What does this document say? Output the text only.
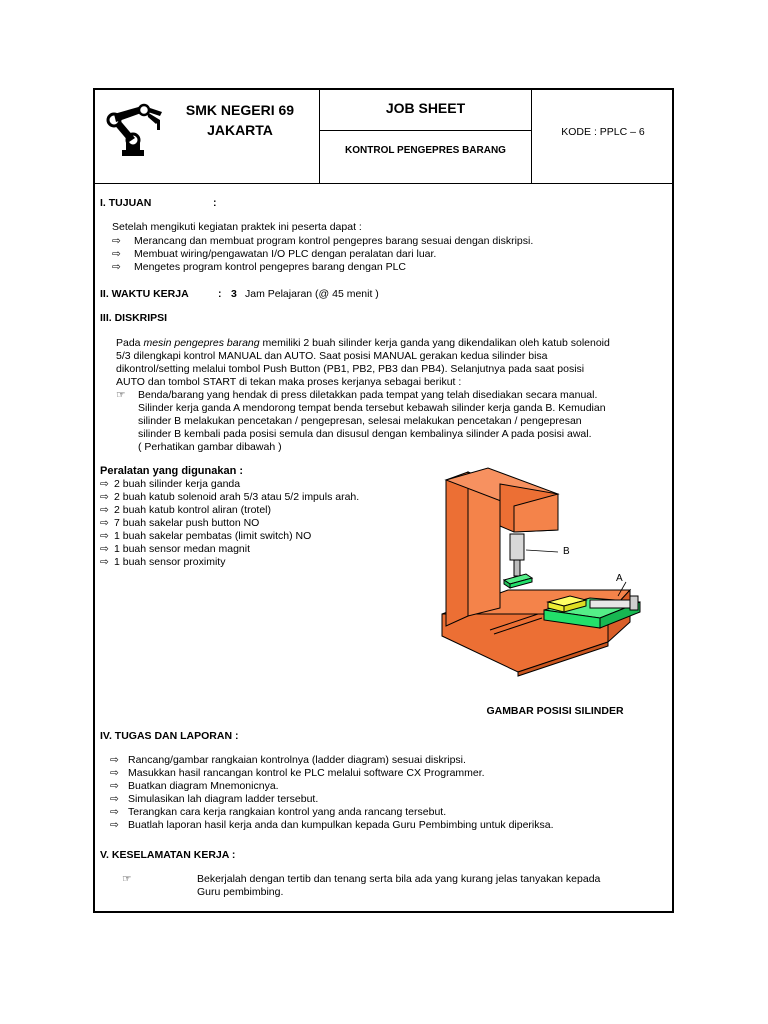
SMK NEGERI 69
JAKARTA
JOB SHEET
KONTROL PENGEPRES BARANG
KODE : PPLC – 6
I. TUJUAN	:
Setelah mengikuti kegiatan praktek ini peserta dapat :
⇨ Merancang dan membuat program kontrol pengepres barang sesuai dengan diskripsi.
⇨ Membuat wiring/pengawatan I/O PLC dengan peralatan dari luar.
⇨ Mengetes program kontrol pengepres barang dengan PLC
II. WAKTU KERJA	: 3 Jam Pelajaran (@ 45 menit )
III. DISKRIPSI
Pada mesin pengepres barang memiliki 2 buah silinder kerja ganda yang dikendalikan oleh katub solenoid
5/3 dilengkapi kontrol MANUAL dan AUTO. Saat posisi MANUAL gerakan kedua silinder bisa
dikontrol/setting melalui tombol Push Button (PB1, PB2, PB3 dan PB4). Selanjutnya pada saat posisi
AUTO dan tombol START di tekan maka proses kerjanya sebagai berikut :
☞ Benda/barang yang hendak di press diletakkan pada tempat yang telah disediakan secara manual.
Silinder kerja ganda A mendorong tempat benda tersebut kebawah silinder kerja ganda B. Kemudian
silinder B melakukan pencetakan / pengepresan, selesai melakukan pencetakan / pengepresan
silinder B kembali pada posisi semula dan disusul dengan kembalinya silinder A pada posisi awal.
( Perhatikan gambar dibawah )
Peralatan yang digunakan :
⇨ 2 buah silinder kerja ganda
⇨ 2 buah katub solenoid arah 5/3 atau 5/2 impuls arah.
⇨ 2 buah katub kontrol aliran (trotel)
⇨ 7 buah sakelar push button NO
⇨ 1 buah sakelar pembatas (limit switch) NO
⇨ 1 buah sensor medan magnit
⇨ 1 buah sensor proximity
B
A
GAMBAR POSISI SILINDER
IV. TUGAS DAN LAPORAN :
⇨ Rancang/gambar rangkaian kontrolnya (ladder diagram) sesuai diskripsi.
⇨ Masukkan hasil rancangan kontrol ke PLC melalui software CX Programmer.
⇨ Buatkan diagram Mnemonicnya.
⇨ Simulasikan lah diagram ladder tersebut.
⇨ Terangkan cara kerja rangkaian kontrol yang anda rancang tersebut.
⇨ Buatlah laporan hasil kerja anda dan kumpulkan kepada Guru Pembimbing untuk diperiksa.
V. KESELAMATAN KERJA :
☞	Bekerjalah dengan tertib dan tenang serta bila ada yang kurang jelas tanyakan kepada
Guru pembimbing.
